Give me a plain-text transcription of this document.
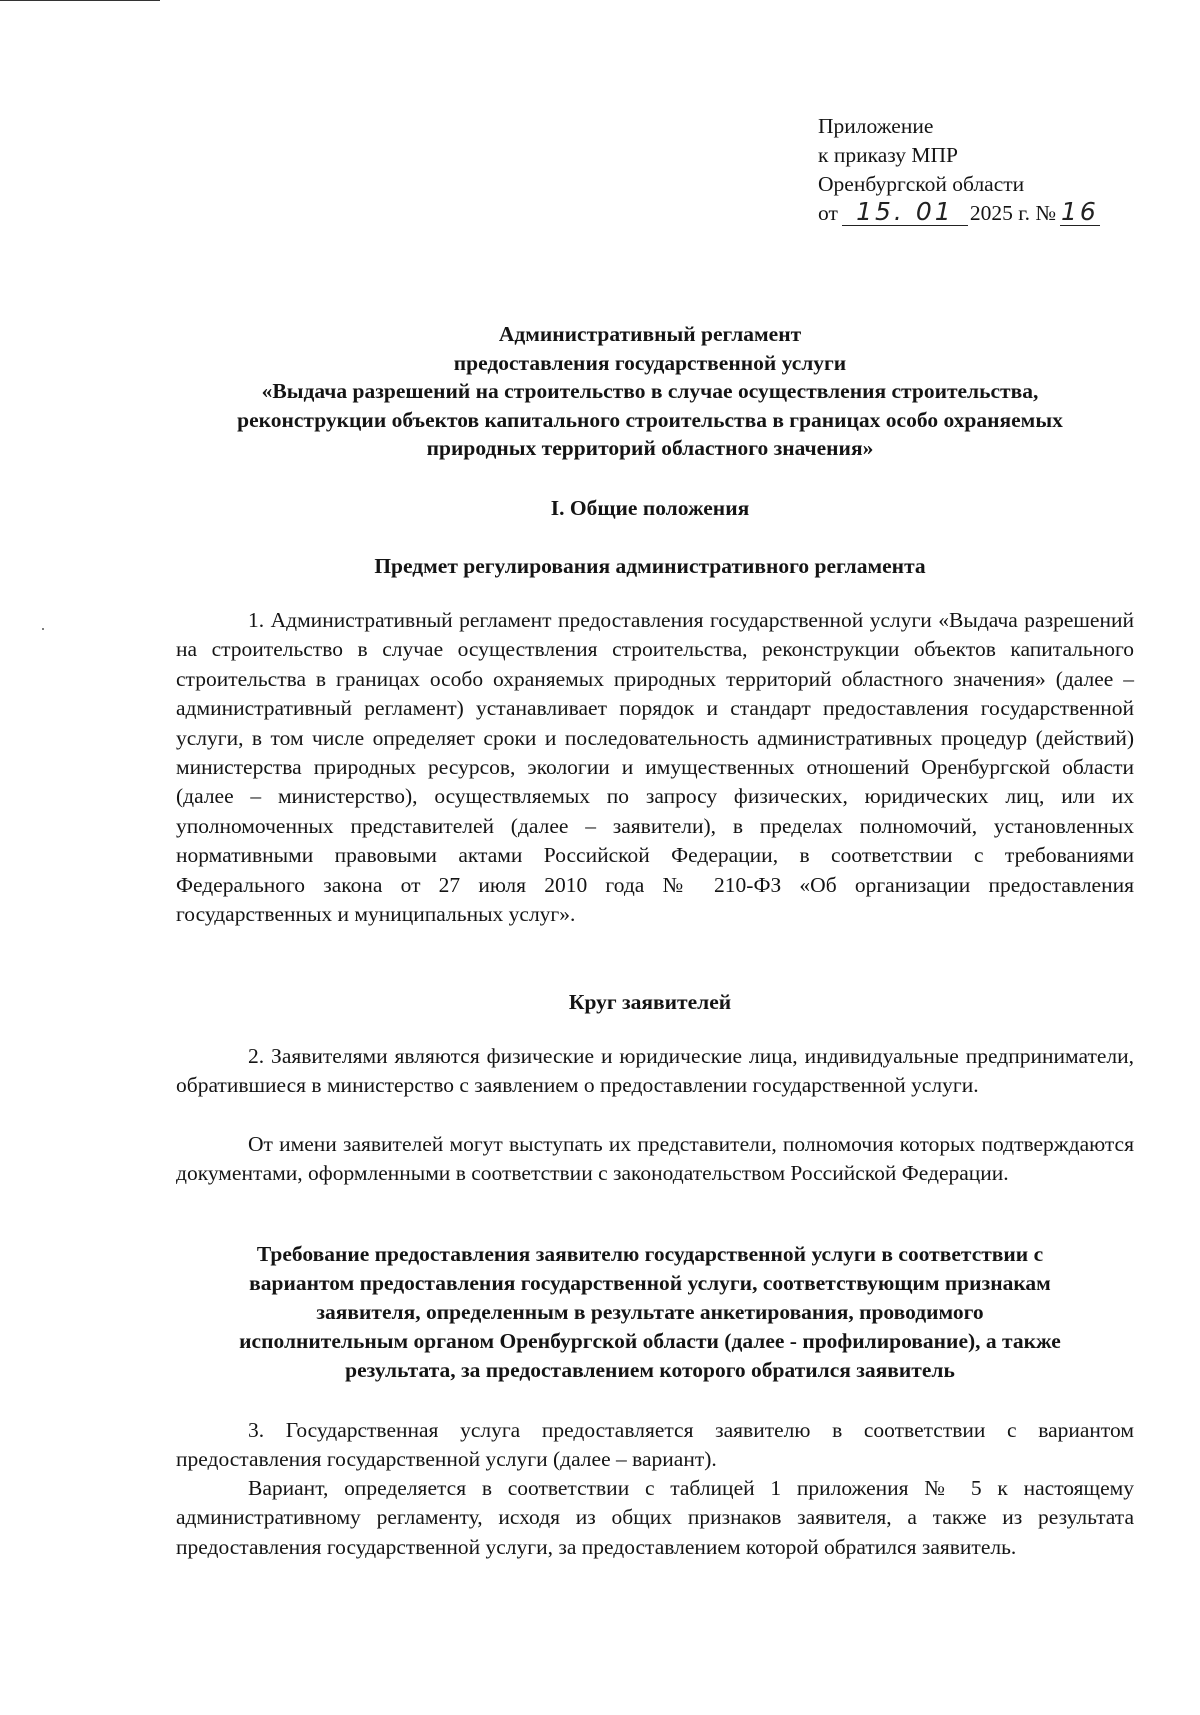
Приложение
к приказу МПР
Оренбургской области
от 15. 01 2025 г. № 16
Административный регламент
предоставления государственной услуги
«Выдача разрешений на строительство в случае осуществления строительства,
реконструкции объектов капитального строительства в границах особо охраняемых
природных территорий областного значения»
I. Общие положения
Предмет регулирования административного регламента

1. Административный регламент предоставления государственной услуги «Выдача разрешений на строительство в случае осуществления строительства, реконструкции объектов капитального строительства в границах особо охраняемых природных территорий областного значения» (далее – административный регламент) устанавливает порядок и стандарт предоставления государственной услуги, в том числе определяет сроки и последовательность административных процедур (действий) министерства природных ресурсов, экологии и имущественных отношений Оренбургской области (далее – министерство), осуществляемых по запросу физических, юридических лиц, или их уполномоченных представителей (далее – заявители), в пределах полномочий, установленных нормативными правовыми актами Российской Федерации, в соответствии с требованиями Федерального закона от 27 июля 2010 года № 210-ФЗ «Об организации предоставления государственных и муниципальных услуг».

Круг заявителей

2. Заявителями являются физические и юридические лица, индивидуальные предприниматели, обратившиеся в министерство с заявлением о предоставлении государственной услуги.

От имени заявителей могут выступать их представители, полномочия которых подтверждаются документами, оформленными в соответствии с законодательством Российской Федерации.

Требование предоставления заявителю государственной услуги в соответствии с
вариантом предоставления государственной услуги, соответствующим признакам
заявителя, определенным в результате анкетирования, проводимого
исполнительным органом Оренбургской области (далее - профилирование), а также
результата, за предоставлением которого обратился заявитель

3. Государственная услуга предоставляется заявителю в соответствии с вариантом предоставления государственной услуги (далее – вариант).

Вариант, определяется в соответствии с таблицей 1 приложения № 5 к настоящему административному регламенту, исходя из общих признаков заявителя, а также из результата предоставления государственной услуги, за предоставлением которой обратился заявитель.
